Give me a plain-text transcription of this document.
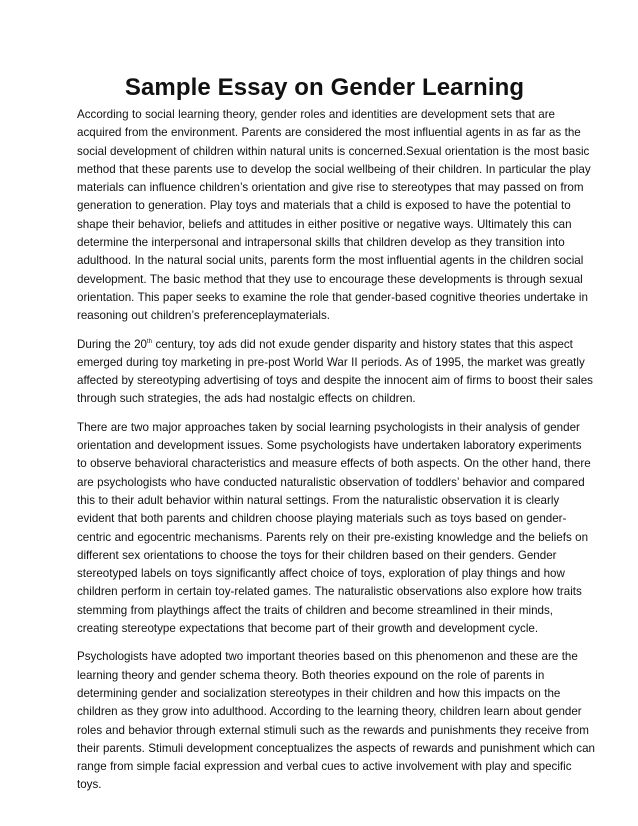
Sample Essay on Gender Learning
According to social learning theory, gender roles and identities are development sets that are
acquired from the environment. Parents are considered the most influential agents in as far as the
social development of children within natural units is concerned.Sexual orientation is the most basic
method that these parents use to develop the social wellbeing of their children. In particular the play
materials can influence children’s orientation and give rise to stereotypes that may passed on from
generation to generation. Play toys and materials that a child is exposed to have the potential to
shape their behavior, beliefs and attitudes in either positive or negative ways. Ultimately this can
determine the interpersonal and intrapersonal skills that children develop as they transition into
adulthood. In the natural social units, parents form the most influential agents in the children social
development. The basic method that they use to encourage these developments is through sexual
orientation. This paper seeks to examine the role that gender-based cognitive theories undertake in
reasoning out children’s preferenceplaymaterials.
During the 20th century, toy ads did not exude gender disparity and history states that this aspect
emerged during toy marketing in pre-post World War II periods. As of 1995, the market was greatly
affected by stereotyping advertising of toys and despite the innocent aim of firms to boost their sales
through such strategies, the ads had nostalgic effects on children.
There are two major approaches taken by social learning psychologists in their analysis of gender
orientation and development issues. Some psychologists have undertaken laboratory experiments
to observe behavioral characteristics and measure effects of both aspects. On the other hand, there
are psychologists who have conducted naturalistic observation of toddlers’ behavior and compared
this to their adult behavior within natural settings. From the naturalistic observation it is clearly
evident that both parents and children choose playing materials such as toys based on gender-
centric and egocentric mechanisms. Parents rely on their pre-existing knowledge and the beliefs on
different sex orientations to choose the toys for their children based on their genders. Gender
stereotyped labels on toys significantly affect choice of toys, exploration of play things and how
children perform in certain toy-related games. The naturalistic observations also explore how traits
stemming from playthings affect the traits of children and become streamlined in their minds,
creating stereotype expectations that become part of their growth and development cycle.
Psychologists have adopted two important theories based on this phenomenon and these are the
learning theory and gender schema theory. Both theories expound on the role of parents in
determining gender and socialization stereotypes in their children and how this impacts on the
children as they grow into adulthood. According to the learning theory, children learn about gender
roles and behavior through external stimuli such as the rewards and punishments they receive from
their parents. Stimuli development conceptualizes the aspects of rewards and punishment which can
range from simple facial expression and verbal cues to active involvement with play and specific
toys.
